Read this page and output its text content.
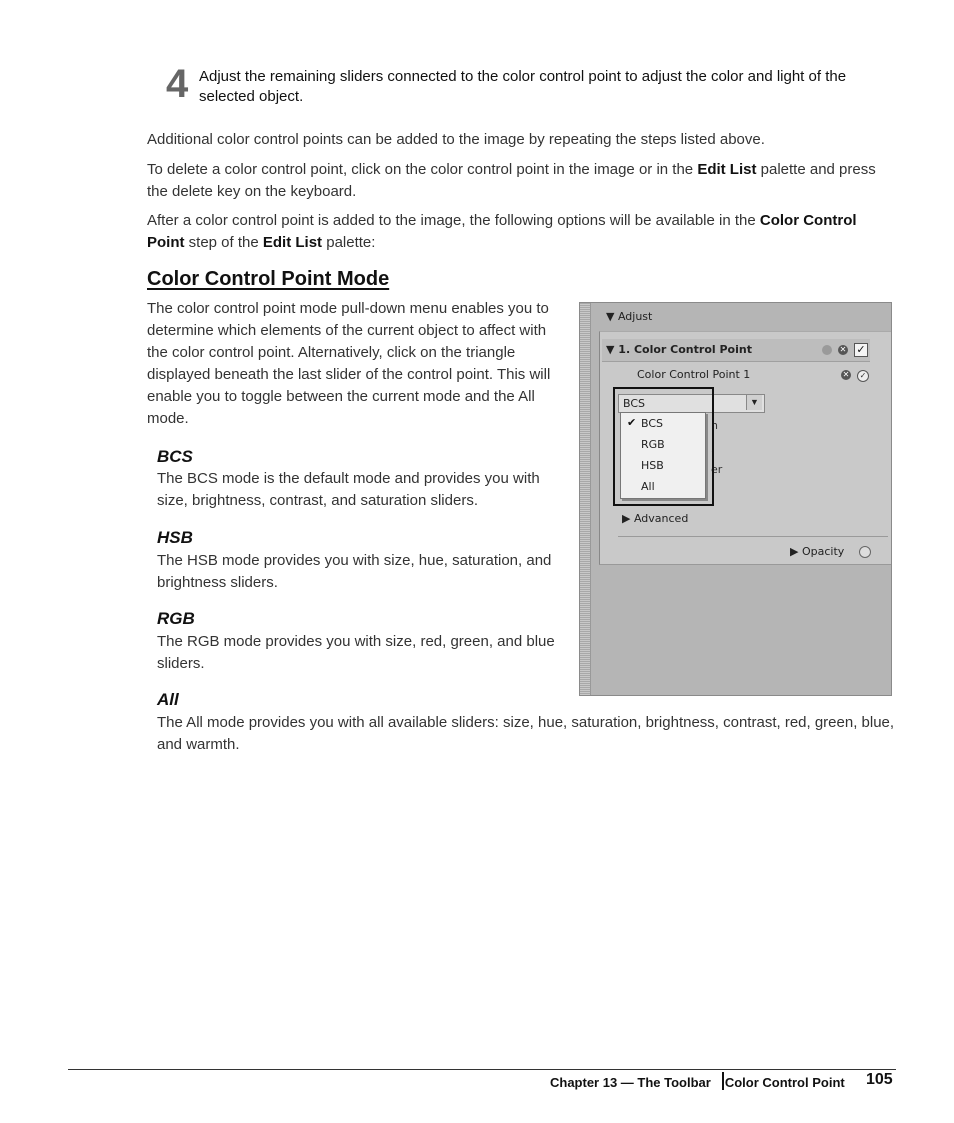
4 Adjust the remaining sliders connected to the color control point to adjust the color and light of the selected object.
Additional color control points can be added to the image by repeating the steps listed above.
To delete a color control point, click on the color control point in the image or in the Edit List palette and press the delete key on the keyboard.
After a color control point is added to the image, the following options will be available in the Color Control Point step of the Edit List palette:
Color Control Point Mode
The color control point mode pull-down menu enables you to determine which elements of the current object to affect with the color control point. Alternatively, click on the triangle displayed beneath the last slider of the control point. This will enable you to toggle between the current mode and the All mode.
BCS
The BCS mode is the default mode and provides you with size, brightness, contrast, and saturation sliders.
HSB
The HSB mode provides you with size, hue, saturation, and brightness sliders.
RGB
The RGB mode provides you with size, red, green, and blue sliders.
All
The All mode provides you with all available sliders: size, hue, saturation, brightness, contrast, red, green, blue, and warmth.
▼ Adjust
▼ 1. Color Control Point	✕ ✓
Color Control Point 1	✕	✓
BCS	▼
n
;
er
✔ BCS
RGB
HSB
All
▶ Advanced
▶ Opacity
Chapter 13 — The Toolbar Color Control Point 105
